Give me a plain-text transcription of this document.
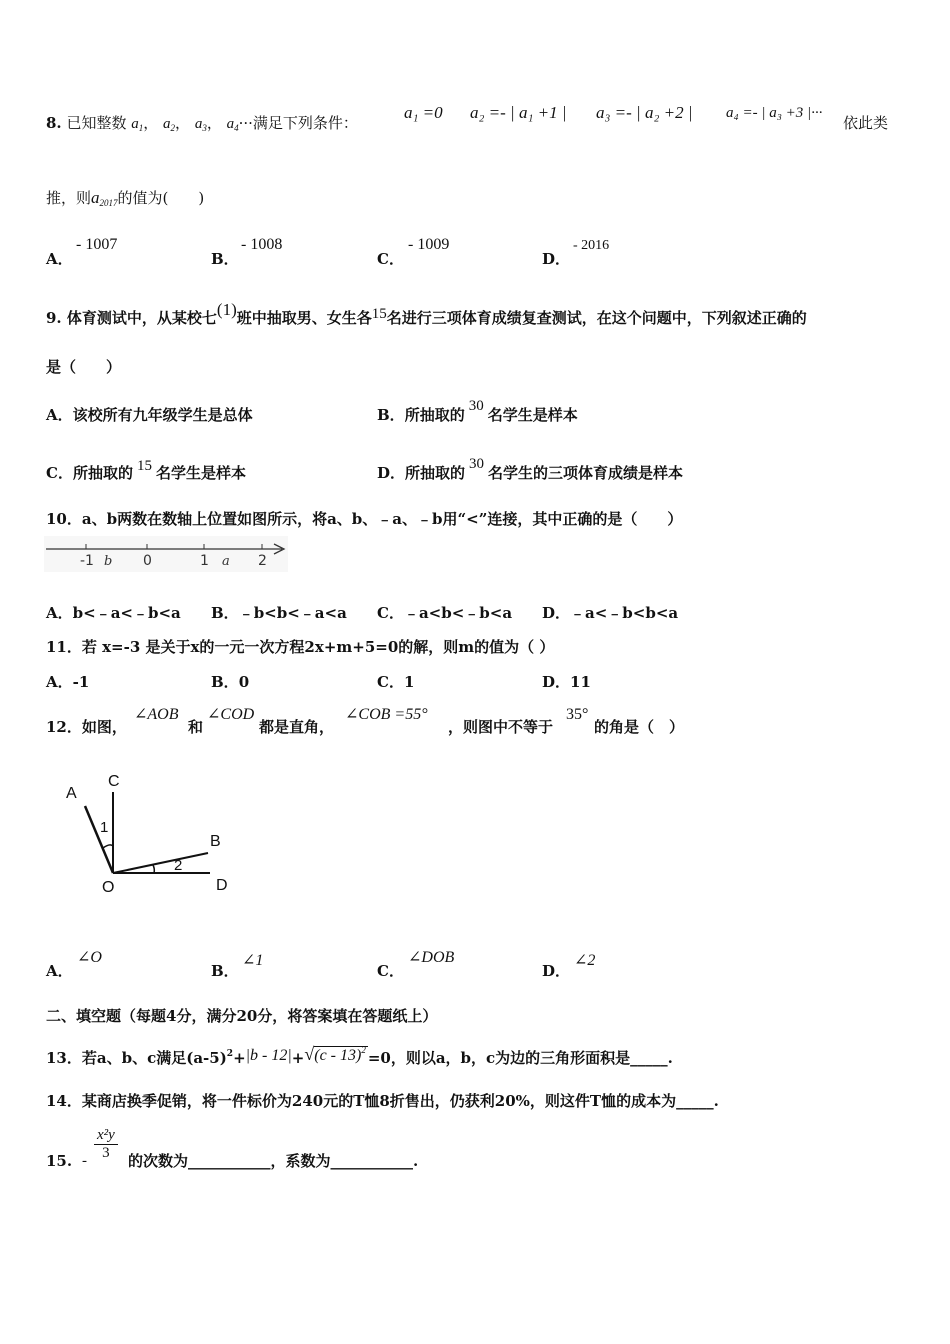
8. 已知整数 $a_1$， $a_2$， $a_3$， $a_4\cdot\cdot\cdot$满足下列条件：
a₁ =0 a₂ =- | a₁ +1 | a₃ =- | a₂ +2 | a₄ =- | a₃ +3 |···
依此类
推，则$a_{2017}$的值为(　　)
A．
- 1007
B．
- 1008
C．
- 1009
D．
- 2016
9. 体育测试中，从某校七(1)班中抽取男、女生各15名进行三项体育成绩复查测试，在这个问题中，下列叙述正确的
是（　　）
A．该校所有九年级学生是总体	B．所抽取的 30 名学生是样本
C．所抽取的 15 名学生是样本	D．所抽取的 30 名学生的三项体育成绩是样本
10．a、b两数在数轴上位置如图所示，将a、b、﹣a、﹣b用“<”连接，其中正确的是（　　）
-1 b 0	1 a 2
A．b<﹣a<﹣b<a B．﹣b<b<﹣a<a C．﹣a<b<﹣b<a D．﹣a<﹣b<b<a
11．若 x=-3 是关于x的一元一次方程2x+m+5=0的解，则m的值为（ ）
A．-1	B．0	C．1	D．11
12．如图，
∠AOB
和
∠COD
都是直角，
∠COB =55°
，则图中不等于
35°
的角是（　）
A
C
B
O	D
1
2
A．
∠O
B．
∠1
C．
∠DOB
D．
∠2
二、填空题（每题4分，满分20分，将答案填在答题纸上）
13．若a、b、c满足$(a-5)^2+|b - 12|+√(c - 13)^2 =0$，则以a，b，c为边的三角形面积是_____.
14．某商店换季促销，将一件标价为240元的T恤8折售出，仍获利20%，则这件T恤的成本为_____.
15. - $\frac{\text{x²y}}{3}$ 的次数为___________，系数为___________.
